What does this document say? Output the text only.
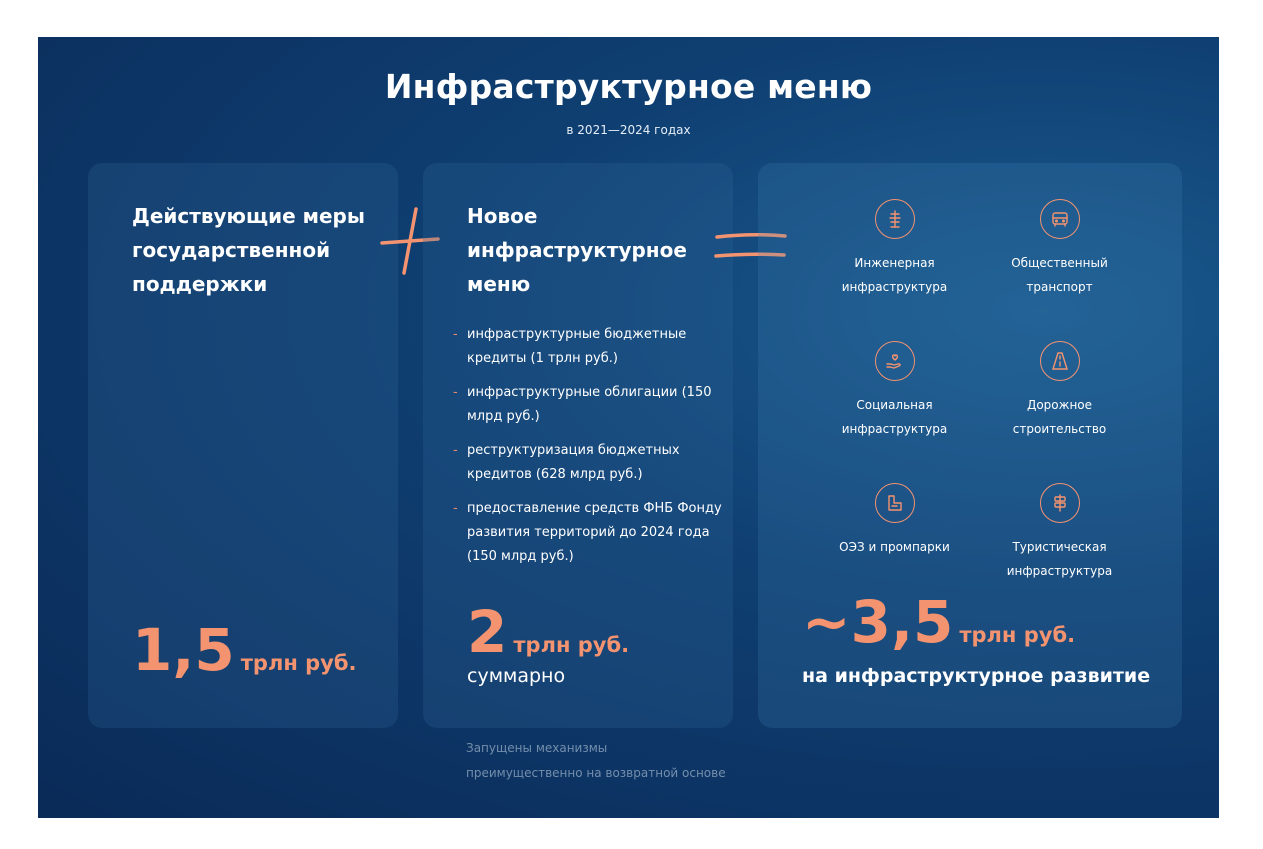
Инфраструктурное меню
в 2021—2024 годах
Действующие меры государственной поддержки
1,5 трлн руб.
Новое инфраструктурное меню
- инфраструктурные бюджетные кредиты (1 трлн руб.)
- инфраструктурные облигации (150 млрд руб.)
- реструктуризация бюджетных кредитов (628 млрд руб.)
- предоставление средств ФНБ Фонду развития территорий до 2024 года (150 млрд руб.)
2 трлн руб.
суммарно
Инженерная инфраструктура
Общественный транспорт
Социальная инфраструктура
Дорожное строительство
ОЭЗ и промпарки	Туристическая инфраструктура
~3,5 трлн руб.
на инфраструктурное развитие
Запущены механизмы преимущественно на возвратной основе
